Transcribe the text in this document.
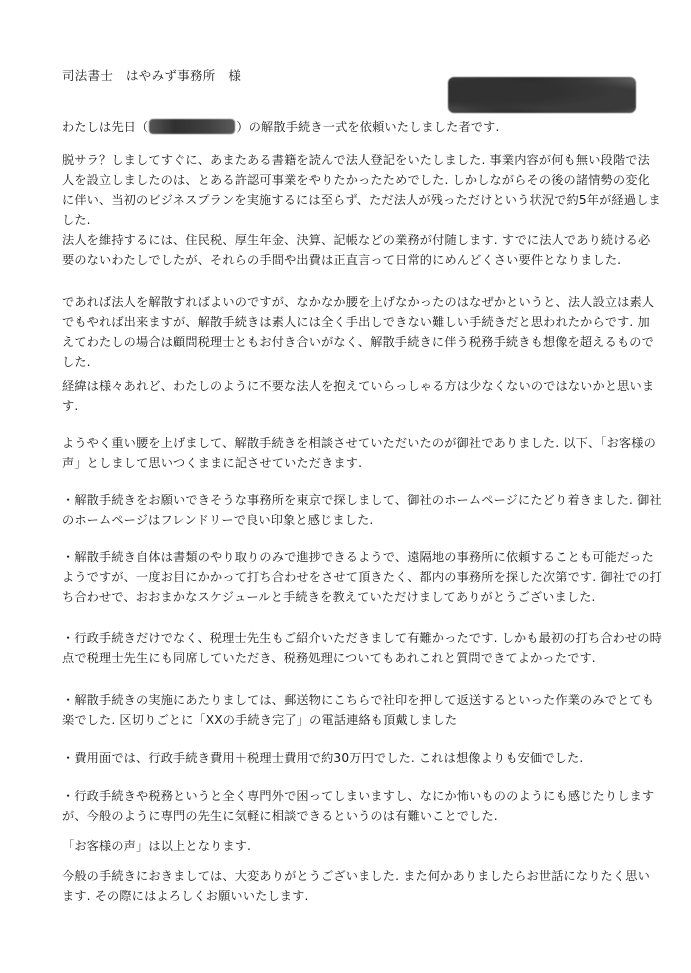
司法書士　はやみず事務所　様

わたしは先日（	）の解散手続き一式を依頼いたしました者です.

脱サラ？しましてすぐに、あまたある書籍を読んで法人登記をいたしました. 事業内容が何も無い段階で法人を設立しましたのは、とある許認可事業をやりたかったためでした. しかしながらその後の諸情勢の変化に伴い、当初のビジネスプランを実施するには至らず、ただ法人が残っただけという状況で約5年が経過しました.

法人を維持するには、住民税、厚生年金、決算、記帳などの業務が付随します. すでに法人であり続ける必要のないわたしでしたが、それらの手間や出費は正直言って日常的にめんどくさい要件となりました.

であれば法人を解散すればよいのですが、なかなか腰を上げなかったのはなぜかというと、法人設立は素人でもやれば出来ますが、解散手続きは素人には全く手出しできない難しい手続きだと思われたからです. 加えてわたしの場合は顧問税理士ともお付き合いがなく、解散手続きに伴う税務手続きも想像を超えるものでした.

経緯は様々あれど、わたしのように不要な法人を抱えていらっしゃる方は少なくないのではないかと思います.

ようやく重い腰を上げまして、解散手続きを相談させていただいたのが御社でありました. 以下、「お客様の声」としまして思いつくままに記させていただきます.

・解散手続きをお願いできそうな事務所を東京で探しまして、御社のホームページにたどり着きました. 御社のホームページはフレンドリーで良い印象と感じました.

・解散手続き自体は書類のやり取りのみで進捗できるようで、遠隔地の事務所に依頼することも可能だったようですが、一度お目にかかって打ち合わせをさせて頂きたく、都内の事務所を探した次第です. 御社での打ち合わせで、おおまかなスケジュールと手続きを教えていただけましてありがとうございました.

・行政手続きだけでなく、税理士先生もご紹介いただきまして有難かったです. しかも最初の打ち合わせの時点で税理士先生にも同席していただき、税務処理についてもあれこれと質問できてよかったです.

・解散手続きの実施にあたりましては、郵送物にこちらで社印を押して返送するといった作業のみでとても楽でした. 区切りごとに「XXの手続き完了」の電話連絡も頂戴しました

・費用面では、行政手続き費用＋税理士費用で約30万円でした. これは想像よりも安価でした.

・行政手続きや税務というと全く専門外で困ってしまいますし、なにか怖いもののようにも感じたりしますが、今般のように専門の先生に気軽に相談できるというのは有難いことでした.

「お客様の声」は以上となります.

今般の手続きにおきましては、大変ありがとうございました. また何かありましたらお世話になりたく思います. その際にはよろしくお願いいたします.
